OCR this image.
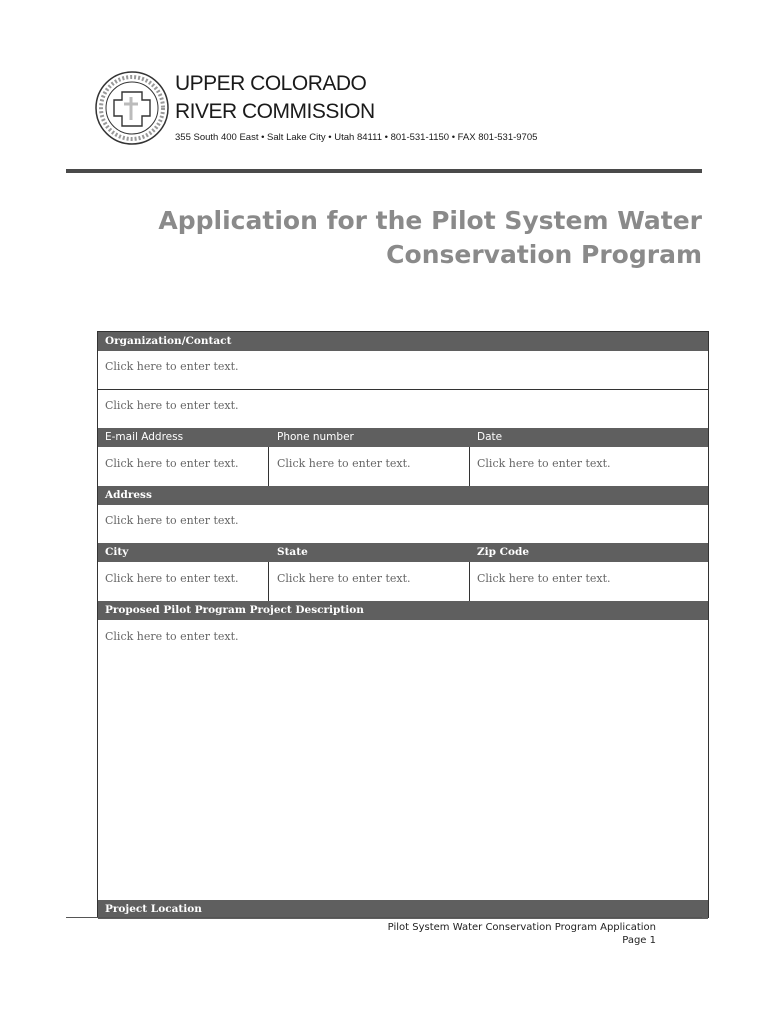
UPPER COLORADO
RIVER COMMISSION
355 South 400 East • Salt Lake City • Utah 84111 • 801-531-1150 • FAX 801-531-9705
Application for the Pilot System Water
Conservation Program
Organization/Contact
Click here to enter text.
Click here to enter text.
E-mail Address	Phone number	Date
Click here to enter text.	Click here to enter text.	Click here to enter text.
Address
Click here to enter text.
City	State	Zip Code
Click here to enter text.	Click here to enter text.	Click here to enter text.
Proposed Pilot Program Project Description
Click here to enter text.
Project Location
Pilot System Water Conservation Program Application
Page 1
